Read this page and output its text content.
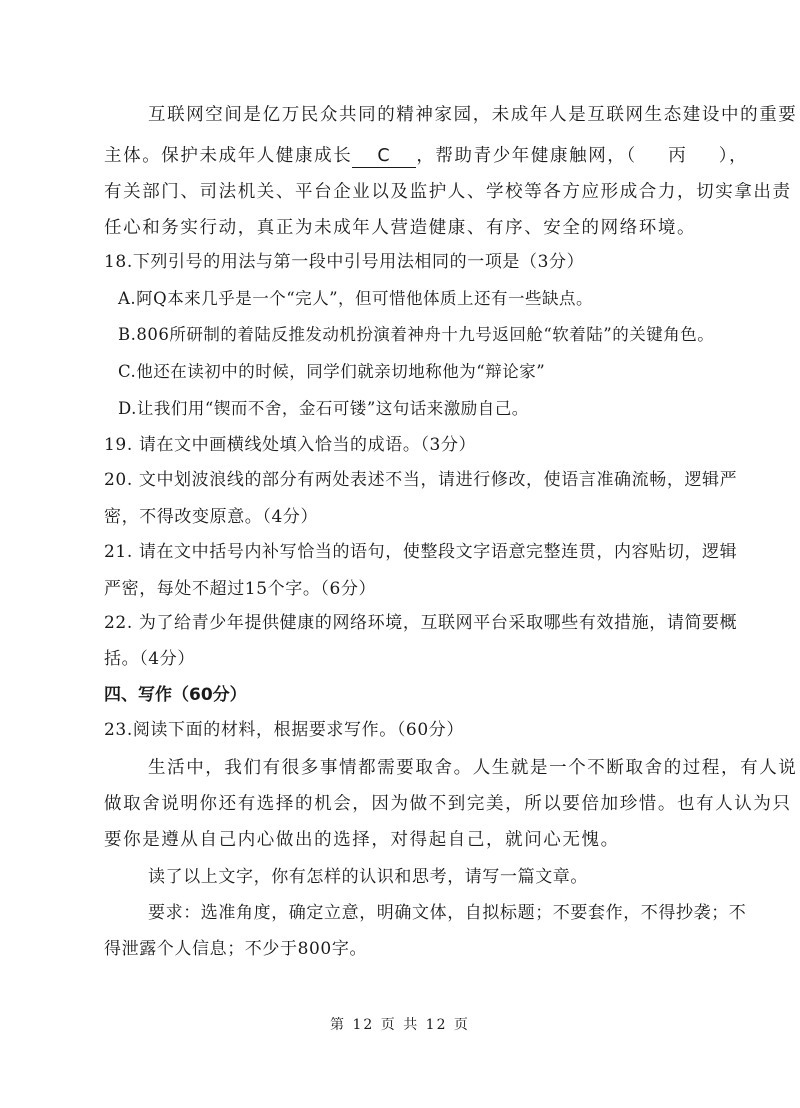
互联网空间是亿万民众共同的精神家园，未成年人是互联网生态建设中的重要
主体。保护未成年人健康成长 C ，帮助青少年健康触网，（ 丙 ），
有关部门、司法机关、平台企业以及监护人、学校等各方应形成合力，切实拿出责
任心和务实行动，真正为未成年人营造健康、有序、安全的网络环境。
18.下列引号的用法与第一段中引号用法相同的一项是（3分）
A.阿Q本来几乎是一个“完人”，但可惜他体质上还有一些缺点。
B.806所研制的着陆反推发动机扮演着神舟十九号返回舱“软着陆”的关键角色。
C.他还在读初中的时候，同学们就亲切地称他为“辩论家”
D.让我们用“锲而不舍，金石可镂”这句话来激励自己。
19. 请在文中画横线处填入恰当的成语。（3分）
20. 文中划波浪线的部分有两处表述不当，请进行修改，使语言准确流畅，逻辑严
密，不得改变原意。（4分）
21. 请在文中括号内补写恰当的语句，使整段文字语意完整连贯，内容贴切，逻辑
严密，每处不超过15个字。（6分）
22. 为了给青少年提供健康的网络环境，互联网平台采取哪些有效措施，请简要概
括。（4分）
四、写作（60分）
23.阅读下面的材料，根据要求写作。（60分）
生活中，我们有很多事情都需要取舍。人生就是一个不断取舍的过程，有人说
做取舍说明你还有选择的机会，因为做不到完美，所以要倍加珍惜。也有人认为只
要你是遵从自己内心做出的选择，对得起自己，就问心无愧。
读了以上文字，你有怎样的认识和思考，请写一篇文章。
要求：选准角度，确定立意，明确文体，自拟标题；不要套作，不得抄袭；不
得泄露个人信息；不少于800字。
第 12 页 共 12 页
